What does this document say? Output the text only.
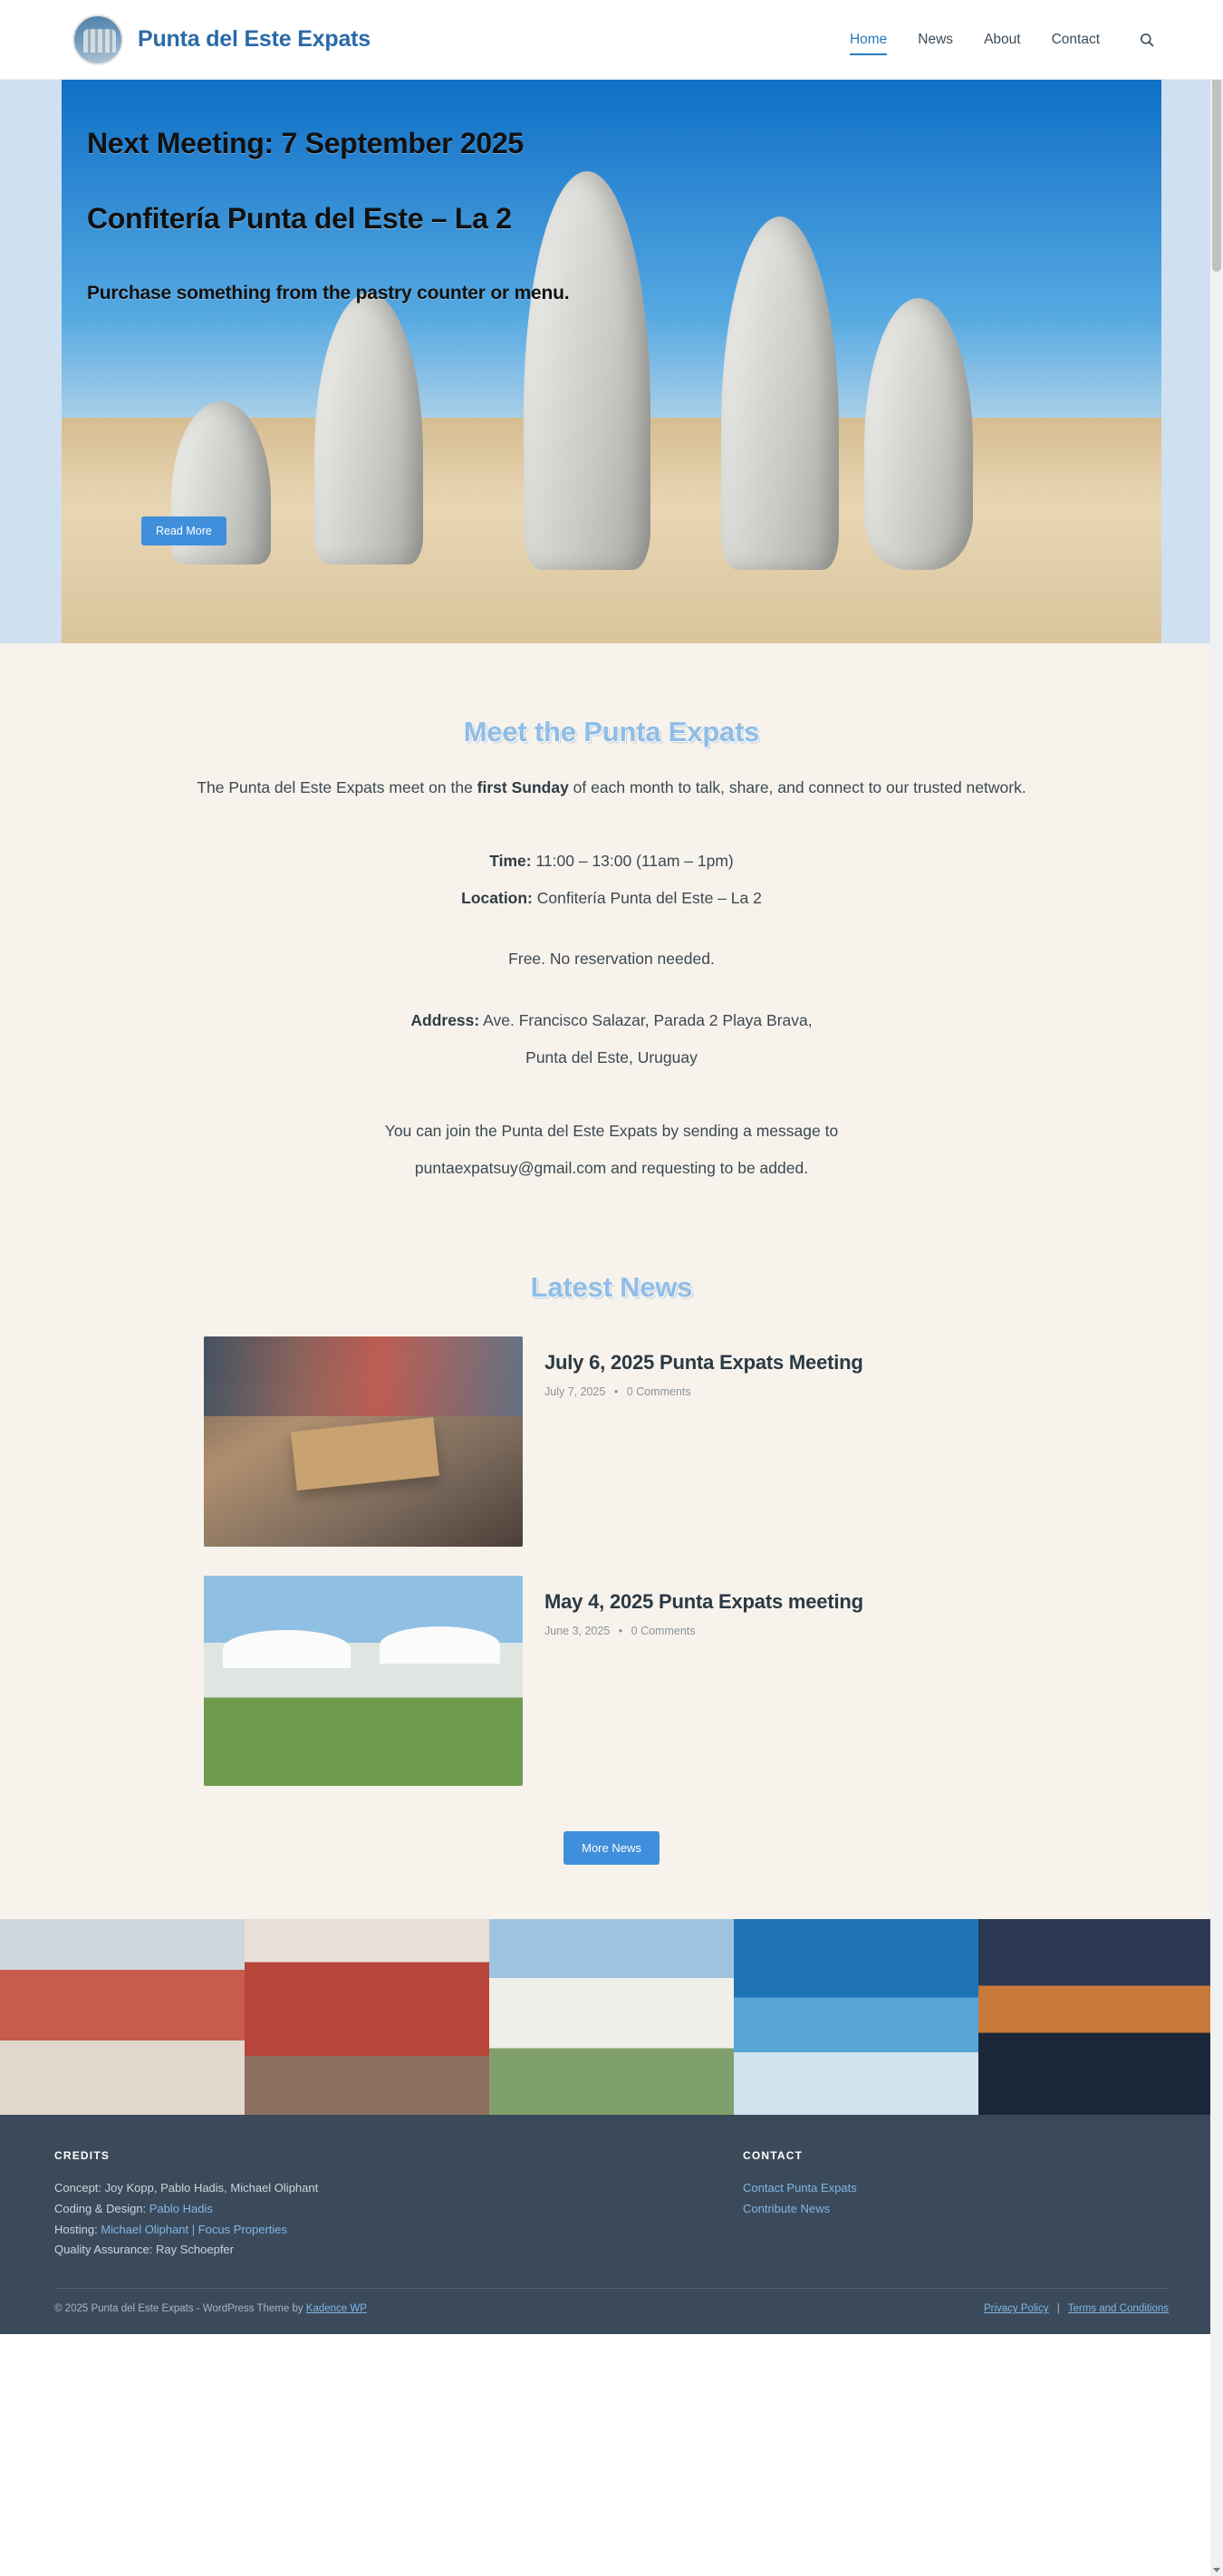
Punta del Este Expats	Home News About Contact
Next Meeting: 7 September 2025
Confitería Punta del Este – La 2
Purchase something from the pastry counter or menu.
Read More
Meet the Punta Expats

The Punta del Este Expats meet on the first Sunday of each month to talk, share, and connect to our trusted network.

Time: 11:00 – 13:00 (11am – 1pm)

Location: Confitería Punta del Este – La 2

Free. No reservation needed.

Address: Ave. Francisco Salazar, Parada 2 Playa Brava,

Punta del Este, Uruguay

You can join the Punta del Este Expats by sending a message to

puntaexpatsuy@gmail.com and requesting to be added.

Latest News
July 6, 2025 Punta Expats Meeting
July 7, 2025 • 0 Comments
May 4, 2025 Punta Expats meeting
June 3, 2025 • 0 Comments
More News
CREDITS
Concept: Joy Kopp, Pablo Hadis, Michael Oliphant
Coding & Design: Pablo Hadis
Hosting: Michael Oliphant | Focus Properties
Quality Assurance: Ray Schoepfer
CONTACT
Contact Punta Expats
Contribute News
© 2025 Punta del Este Expats - WordPress Theme by Kadence WP	Privacy Policy | Terms and Conditions
